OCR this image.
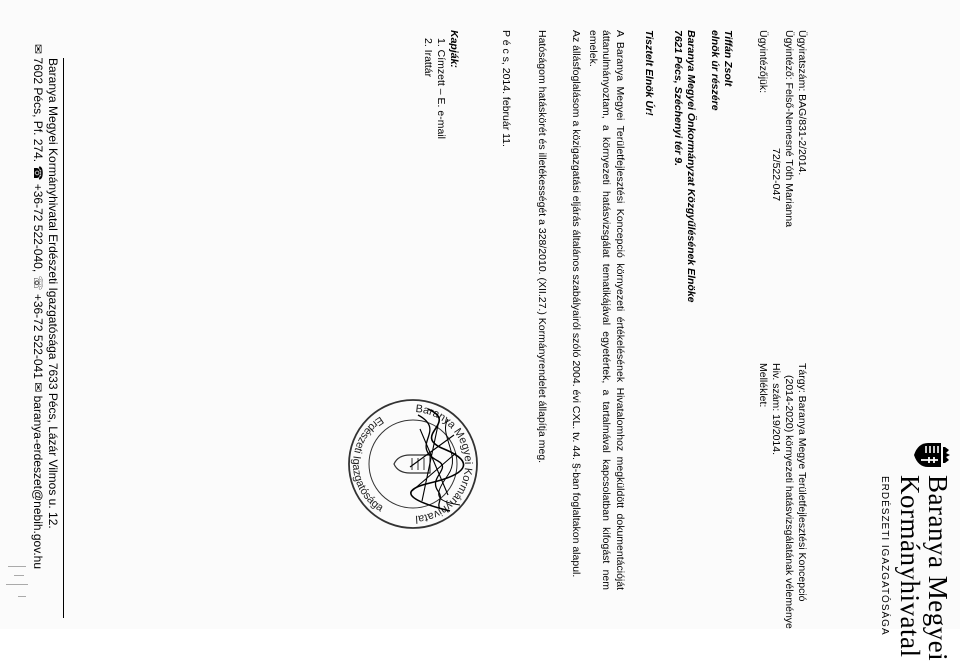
Baranya Megyei
Kormányhivatal
ERDÉSZETI IGAZGATÓSÁGA
Ügyiratszám: BAG/831-2/2014.
Ügyintéző: Felső-Nemesné Tóth Marianna
72/522-047
Ügyintézőjük:
Tárgy: Baranya Megye Területfejlesztési Koncepció
(2014-2020) környezeti hatásvizsgálatának véleménye
Hiv. szám: 19/2014.
Melléklet:
Tiffán Zsolt
elnök úr részére
Baranya Megyei Önkormányzat Közgyűlésének Elnöke
7621 Pécs, Széchenyi tér 9.
Tisztelt Elnök Úr!
A Baranya Megyei Területfejlesztési Koncepció környezeti értékelésének Hivatalomhoz megküldött dokumentációját áttanulmányoztam, a környezeti hatásvizsgálat tematikájával egyetértek, a tartalmával kapcsolatban kifogást nem emelek.
Az állásfoglalásom a közigazgatási eljárás általános szabályairól szóló 2004. évi CXL. tv. 44. §-ban foglaltakon alapul.
Hatóságom hatáskörét és illetékességét a 328/2010. (XII.27.) Kormányrendelet állapítja meg.
P é c s, 2014. február 11.
Kapják:
1. Címzett – E. e-mail
2. Irattár
Baranya Megyei Kormányhivatal
Erdészeti Igazgatósága
Baranya Megyei Kormányhivatal Erdészeti Igazgatósága 7633 Pécs, Lázár Vilmos u. 12.
✉ 7602 Pécs, Pf. 274. ☎ +36-72 522-040, ☏ +36-72 522-041 ✉ baranya-erdeszet@nebih.gov.hu
